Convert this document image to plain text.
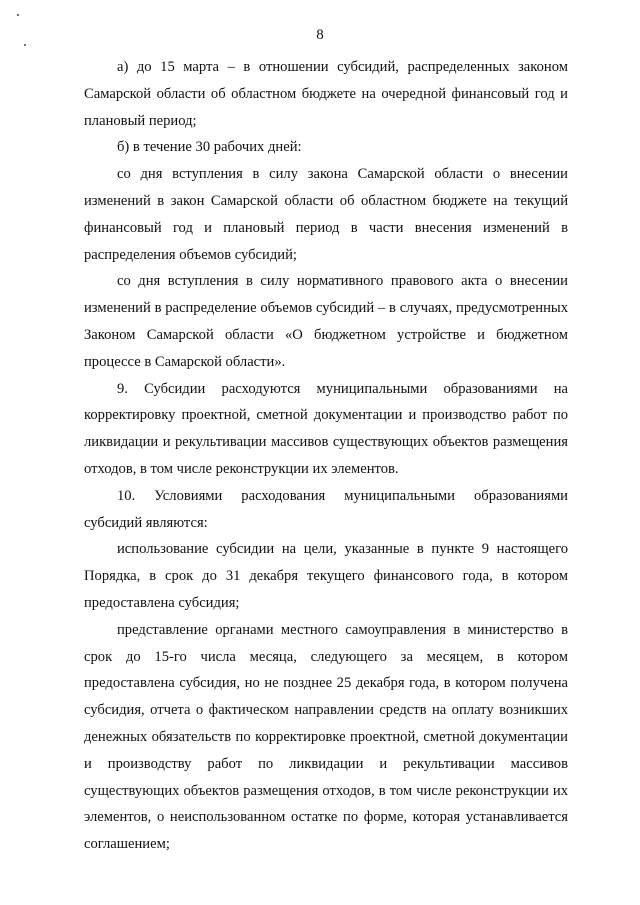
8

а) до 15 марта – в отношении субсидий, распределенных законом Самарской области об областном бюджете на очередной финансовый год и плановый период;

б) в течение 30 рабочих дней:

со дня вступления в силу закона Самарской области о внесении изменений в закон Самарской области об областном бюджете на текущий финансовый год и плановый период в части внесения изменений в распределения объемов субсидий;

со дня вступления в силу нормативного правового акта о внесении изменений в распределение объемов субсидий – в случаях, предусмотренных Законом Самарской области «О бюджетном устройстве и бюджетном процессе в Самарской области».

9. Субсидии расходуются муниципальными образованиями на корректировку проектной, сметной документации и производство работ по ликвидации и рекультивации массивов существующих объектов размещения отходов, в том числе реконструкции их элементов.

10. Условиями расходования муниципальными образованиями субсидий являются:

использование субсидии на цели, указанные в пункте 9 настоящего Порядка, в срок до 31 декабря текущего финансового года, в котором предоставлена субсидия;

представление органами местного самоуправления в министерство в срок до 15-го числа месяца, следующего за месяцем, в котором предоставлена субсидия, но не позднее 25 декабря года, в котором получена субсидия, отчета о фактическом направлении средств на оплату возникших денежных обязательств по корректировке проектной, сметной документации и производству работ по ликвидации и рекультивации массивов существующих объектов размещения отходов, в том числе реконструкции их элементов, о неиспользованном остатке по форме, которая устанавливается соглашением;
